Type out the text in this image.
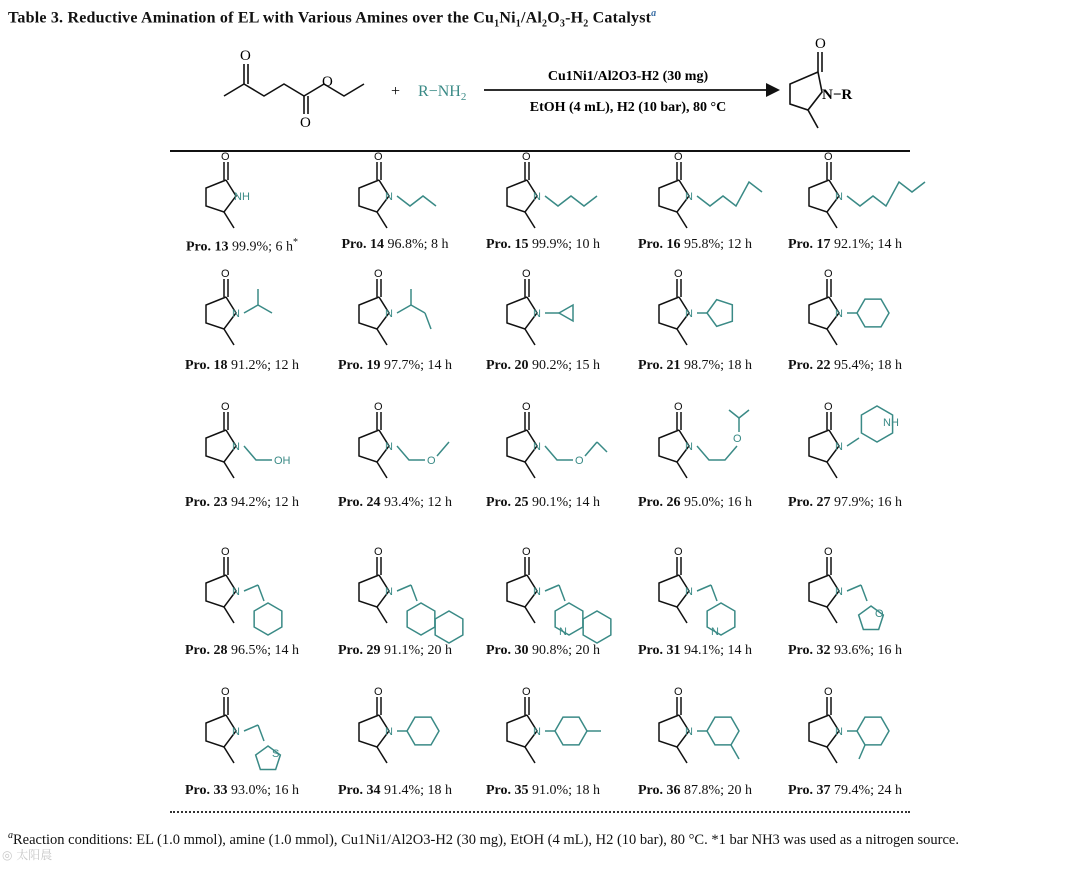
Table 3. Reductive Amination of EL with Various Amines over the $Cu_1Ni_1/Al_2O_3-H_2$ Catalyst$^a$
O
O
O
+ $R-NH_2$
Cu1Ni1/Al2O3-H2 (30 mg)
EtOH (4 mL), H2 (10 bar), 80 °C
O
N−R
O
NH
O
N
O
N
O
N
O
N
O
N
O
N
O
N
O
N
O
N
O
N
OH
O
N
O
O
N
O
O
N
O
O
N
NH
O
N
O
N
O
N
N
O
N
N
O
N
O
O
N
S
O
N
O
N
O
N
O
N
Pro. 13 99.9%; 6 h*	Pro. 14 96.8%; 8 h	Pro. 15 99.9%; 10 h	Pro. 16 95.8%; 12 h	Pro. 17 92.1%; 14 h
Pro. 18 91.2%; 12 h	Pro. 19 97.7%; 14 h Pro. 20 90.2%; 15 h	Pro. 21 98.7%; 18 h	Pro. 22 95.4%; 18 h
Pro. 23 94.2%; 12 h	Pro. 24 93.4%; 12 h Pro. 25 90.1%; 14 h	Pro. 26 95.0%; 16 h	Pro. 27 97.9%; 16 h
Pro. 28 96.5%; 14 h	Pro. 29 91.1%; 20 h Pro. 30 90.8%; 20 h	Pro. 31 94.1%; 14 h	Pro. 32 93.6%; 16 h
Pro. 33 93.0%; 16 h	Pro. 34 91.4%; 18 h Pro. 35 91.0%; 18 h	Pro. 36 87.8%; 20 h	Pro. 37 79.4%; 24 h
$^a$Reaction conditions: EL (1.0 mmol), amine (1.0 mmol), Cu1Ni1/Al2O3-H2 (30 mg), EtOH (4 mL), H2 (10 bar), 80 °C. *1 bar NH3 was used as a nitrogen source.
◎ 太阳晨
